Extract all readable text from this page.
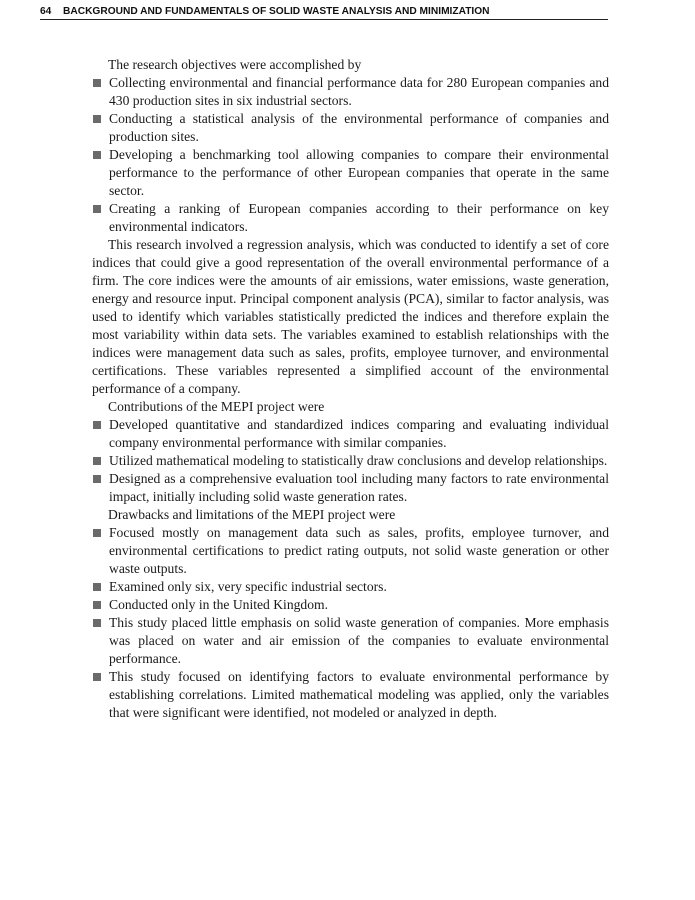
64 BACKGROUND AND FUNDAMENTALS OF SOLID WASTE ANALYSIS AND MINIMIZATION

The research objectives were accomplished by

Collecting environmental and financial performance data for 280 European companies and 430 production sites in six industrial sectors.
Conducting a statistical analysis of the environmental performance of companies and production sites.
Developing a benchmarking tool allowing companies to compare their environmental performance to the performance of other European companies that operate in the same sector.
Creating a ranking of European companies according to their performance on key environmental indicators.

This research involved a regression analysis, which was conducted to identify a set of core indices that could give a good representation of the overall environmental performance of a firm. The core indices were the amounts of air emissions, water emissions, waste generation, energy and resource input. Principal component analysis (PCA), similar to factor analysis, was used to identify which variables statistically predicted the indices and therefore explain the most variability within data sets. The variables examined to establish relationships with the indices were management data such as sales, profits, employee turnover, and environmental certifications. These variables represented a simplified account of the environmental performance of a company.

Contributions of the MEPI project were

Developed quantitative and standardized indices comparing and evaluating individual company environmental performance with similar companies.
Utilized mathematical modeling to statistically draw conclusions and develop relationships.
Designed as a comprehensive evaluation tool including many factors to rate environmental impact, initially including solid waste generation rates.

Drawbacks and limitations of the MEPI project were

Focused mostly on management data such as sales, profits, employee turnover, and environmental certifications to predict rating outputs, not solid waste generation or other waste outputs.
Examined only six, very specific industrial sectors.
Conducted only in the United Kingdom.
This study placed little emphasis on solid waste generation of companies. More emphasis was placed on water and air emission of the companies to evaluate environmental performance.
This study focused on identifying factors to evaluate environmental performance by establishing correlations. Limited mathematical modeling was applied, only the variables that were significant were identified, not modeled or analyzed in depth.
